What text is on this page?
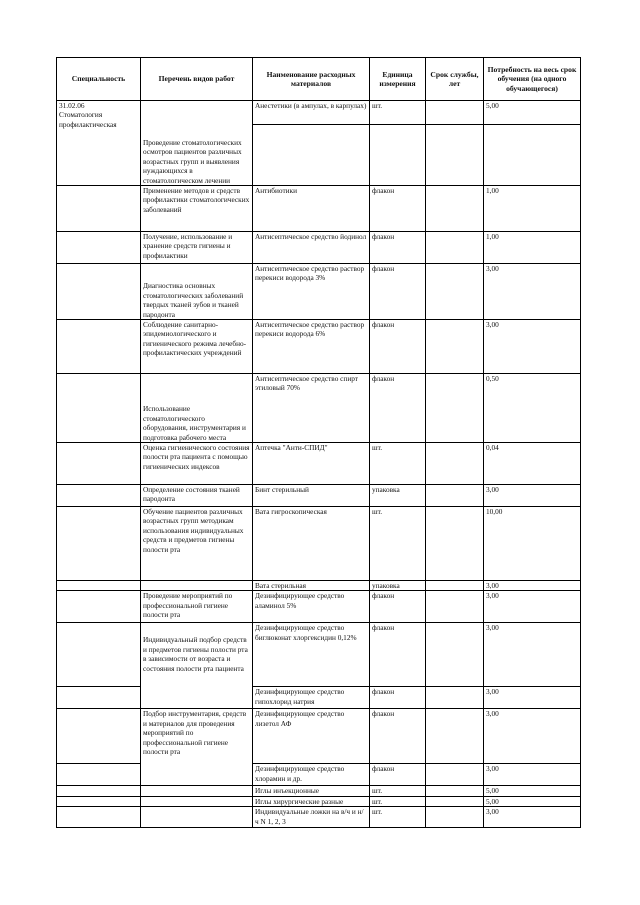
Специальность	Перечень видов работ	Наименование расходных материалов	Единица измерения	Срок службы, лет	Потребность на весь срок обучения (на одного обучающегося)

31.02.06
Стоматология
профилактическая	Проведение стоматологических осмотров пациентов различных возрастных групп и выявления нуждающихся в стоматологическом лечении	Анестетики (в ампулах, в карпулах)	шт.		5,00

	Применение методов и средств профилактики стоматологических заболеваний	Антибиотики	флакон		1,00
	Получение, использование и хранение средств гигиены и профилактики	Антисептическое средство йодинол	флакон		1,00
	Диагностика основных стоматологических заболеваний твердых тканей зубов и тканей пародонта	Антисептическое средство раствор перекиси водорода 3%	флакон		3,00
	Соблюдение санитарно-эпидемиологического и гигиенического режима лечебно-профилактических учреждений	Антисептическое средство раствор перекиси водорода 6%	флакон		3,00
	Использование стоматологического оборудования, инструментария и подготовка рабочего места	Антисептическое средство спирт этиловый 70%	флакон		0,50
	Оценка гигиенического состояния полости рта пациента с помощью гигиенических индексов	Аптечка "Анти-СПИД"	шт.		0,04
	Определение состояния тканей пародонта	Бинт стерильный	упаковка		3,00
	Обучение пациентов различных возрастных групп методикам использования индивидуальных средств и предметов гигиены полости рта	Вата гигроскопическая	шт.		10,00
		Вата стерильная	упаковка		3,00
	Проведение мероприятий по профессиональной гигиене полости рта	Дезинфицирующее средство аламинол 5%	флакон		3,00
	Индивидуальный подбор средств и предметов гигиены полости рта в зависимости от возраста и состояния полости рта пациента	Дезинфицирующее средство биглюконат хлоргексидин 0,12%	флакон		3,00
		Дезинфицирующее средство гипохлорид натрия	флакон		3,00
	Подбор инструментария, средств и материалов для проведения мероприятий по профессиональной гигиене полости рта	Дезинфицирующее средство лизетол АФ	флакон		3,00
		Дезинфицирующее средство хлорамин и др.	флакон		3,00
		Иглы инъекционные	шт.		5,00
		Иглы хирургические разные	шт.		5,00
		Индивидуальные ложки на в/ч и н/ч N 1, 2, 3	шт.		3,00
